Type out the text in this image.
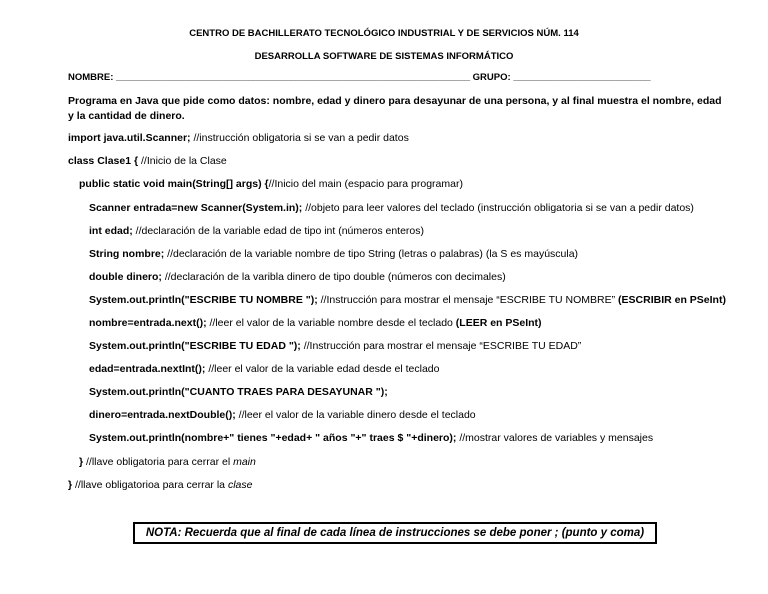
CENTRO DE BACHILLERATO TECNOLÓGICO INDUSTRIAL Y DE SERVICIOS NÚM. 114
DESARROLLA SOFTWARE DE SISTEMAS INFORMÁTICO
NOMBRE: ___________________________________________________________________ GRUPO: __________________________
Programa en Java que pide como datos: nombre, edad y dinero para desayunar de una persona, y al final muestra el nombre, edad y la cantidad de dinero.
import java.util.Scanner; //instrucción obligatoria si se van a pedir datos
class Clase1 { //Inicio de la Clase
public static void main(String[] args) {//Inicio del main (espacio para programar)
Scanner entrada=new Scanner(System.in); //objeto para leer valores del teclado (instrucción obligatoria si se van a pedir datos)
int edad; //declaración de la variable edad de tipo int (números enteros)
String nombre; //declaración de la variable nombre de tipo String (letras o palabras) (la S es mayúscula)
double dinero; //declaración de la varibla dinero de tipo double (números con decimales)
System.out.println("ESCRIBE TU NOMBRE "); //Instrucción para mostrar el mensaje “ESCRIBE TU NOMBRE” (ESCRIBIR en PSeInt)
nombre=entrada.next(); //leer el valor de la variable nombre desde el teclado (LEER en PSeInt)
System.out.println("ESCRIBE TU EDAD "); //Instrucción para mostrar el mensaje “ESCRIBE TU EDAD”
edad=entrada.nextInt(); //leer el valor de la variable edad desde el teclado
System.out.println("CUANTO TRAES PARA DESAYUNAR ");
dinero=entrada.nextDouble(); //leer el valor de la variable dinero desde el teclado
System.out.println(nombre+" tienes "+edad+ " años "+" traes $ "+dinero); //mostrar valores de variables y mensajes
} //llave obligatoria para cerrar el main
} //llave obligatorioa para cerrar la clase
NOTA: Recuerda que al final de cada línea de instrucciones se debe poner ; (punto y coma)
